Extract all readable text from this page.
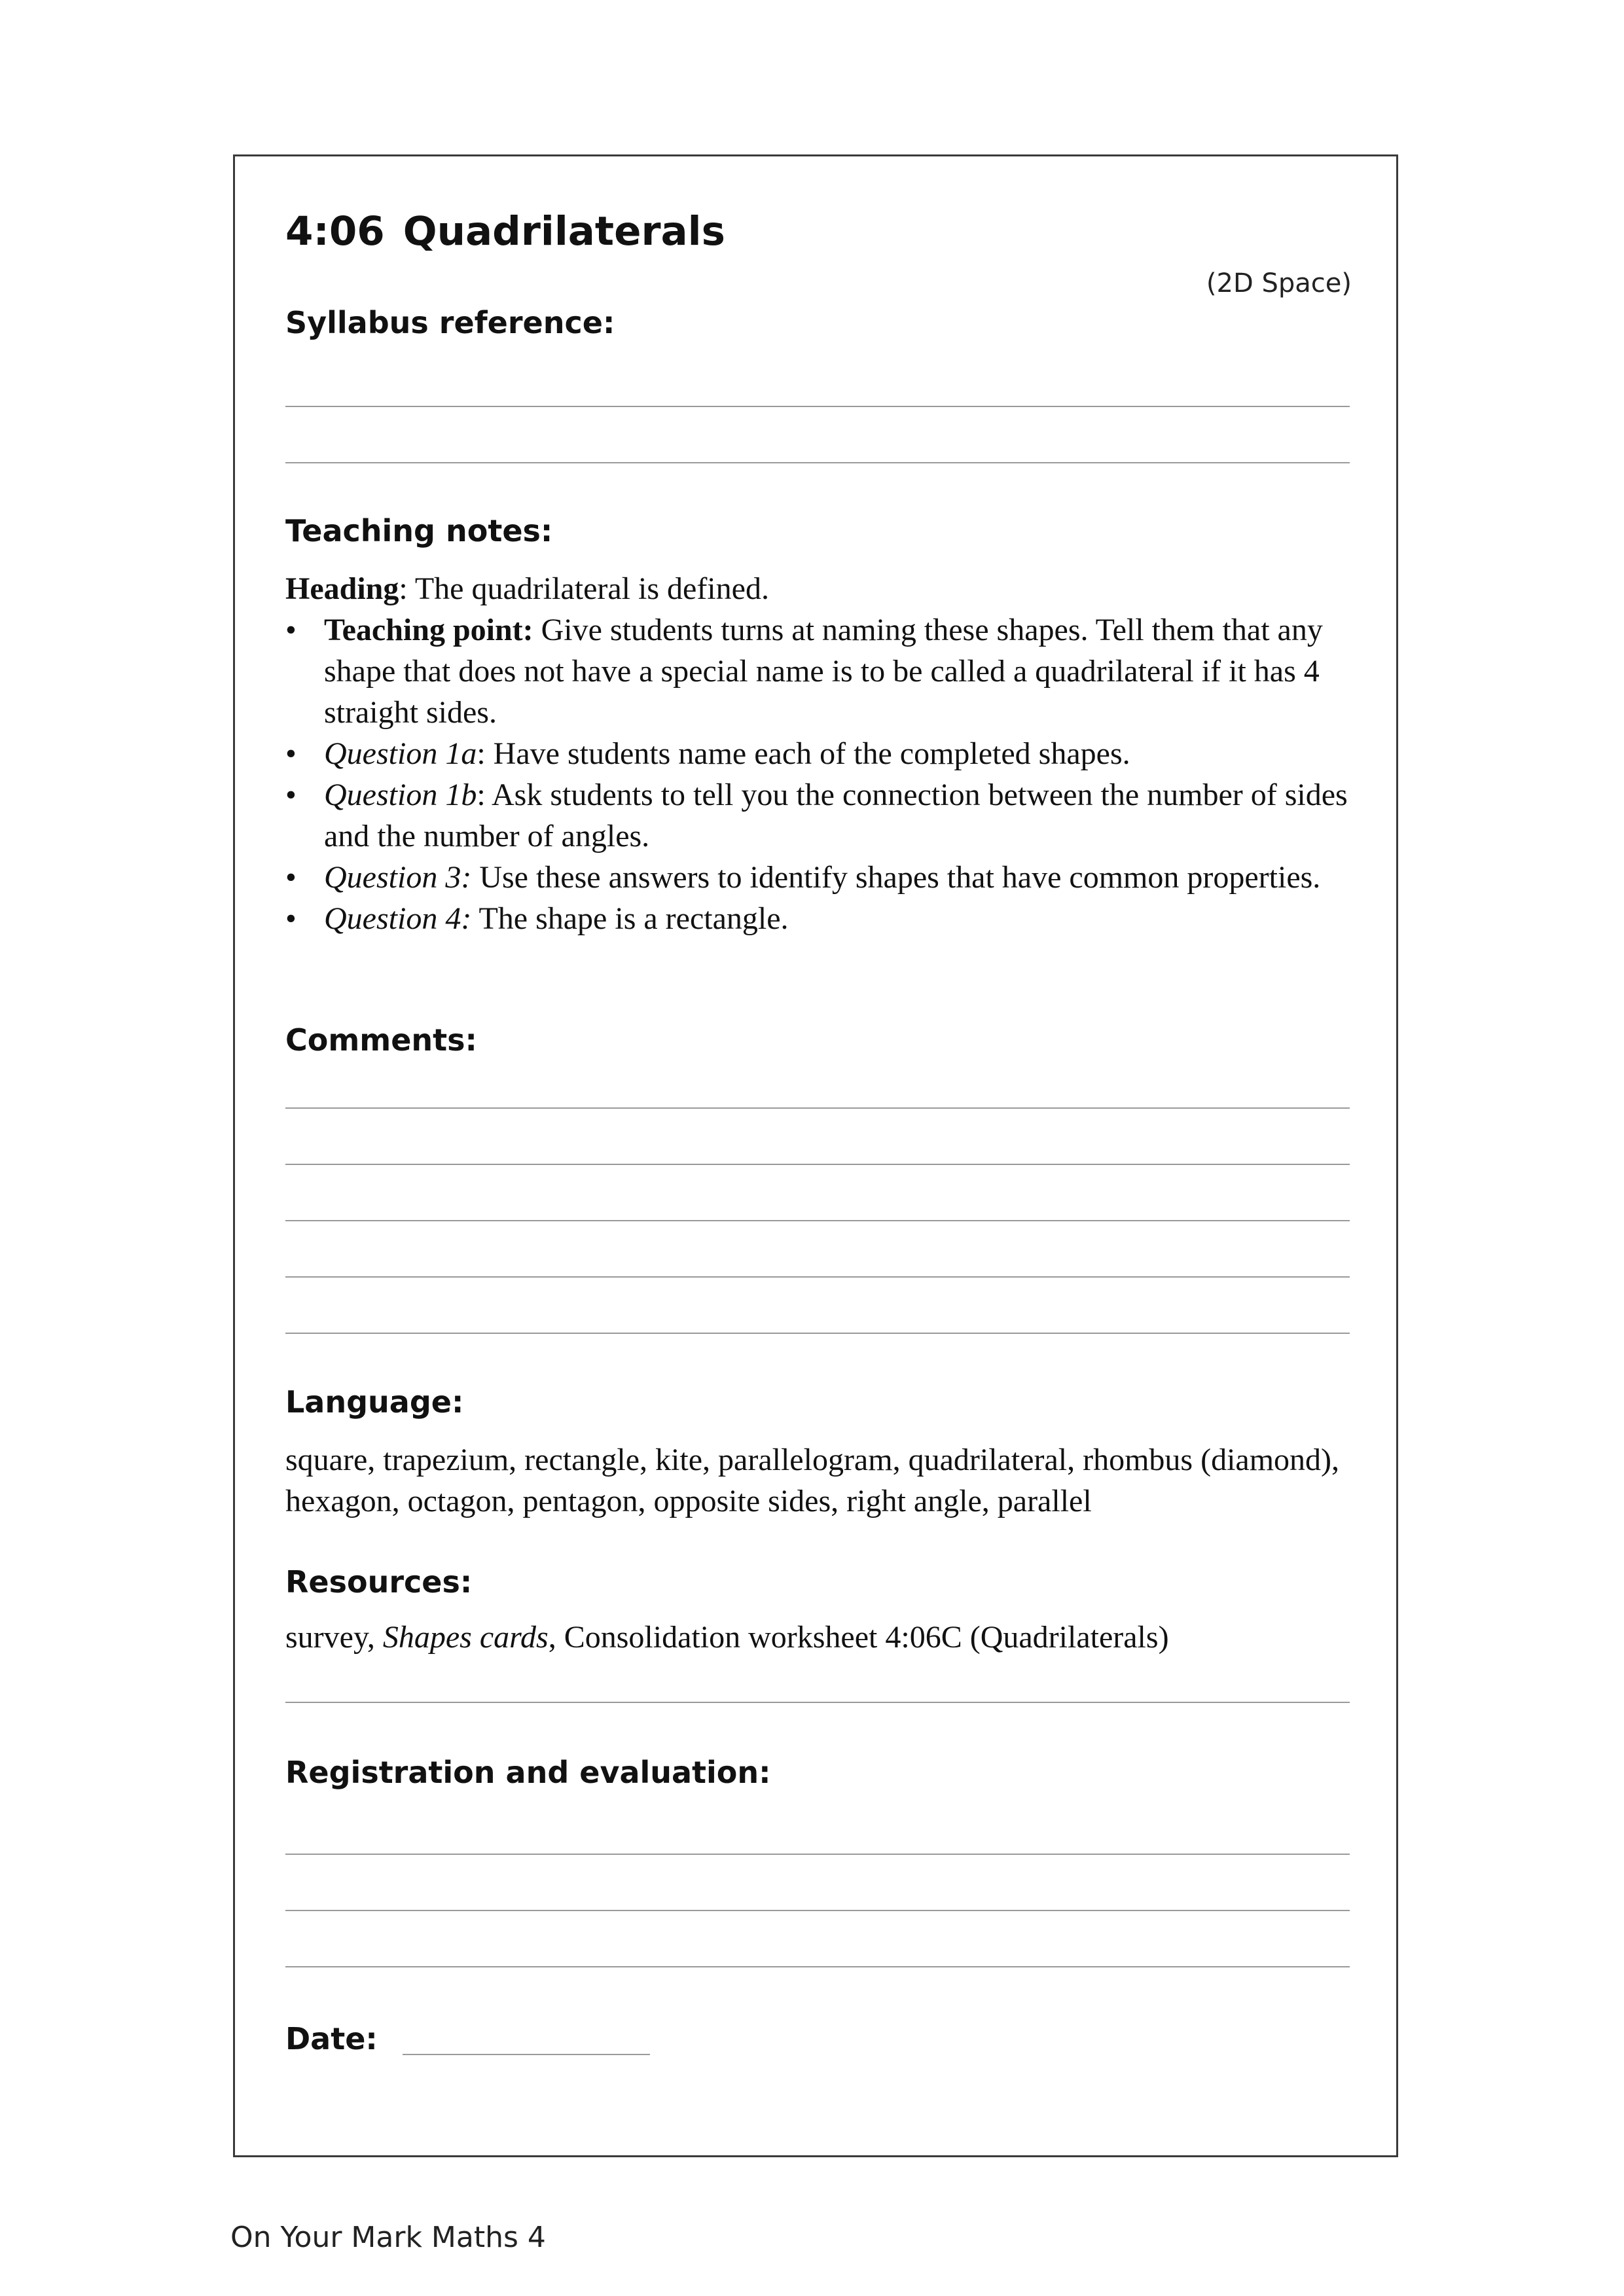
4:06 Quadrilaterals
(2D Space)
Syllabus reference:
Teaching notes:
Heading: The quadrilateral is defined.
• Teaching point: Give students turns at naming these shapes. Tell them that any shape that does not have a special name is to be called a quadrilateral if it has 4 straight sides.
• Question 1a: Have students name each of the completed shapes.
• Question 1b: Ask students to tell you the connection between the number of sides and the number of angles.
• Question 3: Use these answers to identify shapes that have common properties.
• Question 4: The shape is a rectangle.
Comments:
Language:
square, trapezium, rectangle, kite, parallelogram, quadrilateral, rhombus (diamond), hexagon, octagon, pentagon, opposite sides, right angle, parallel
Resources:
survey, Shapes cards, Consolidation worksheet 4:06C (Quadrilaterals)
Registration and evaluation:
Date:
On Your Mark Maths 4
